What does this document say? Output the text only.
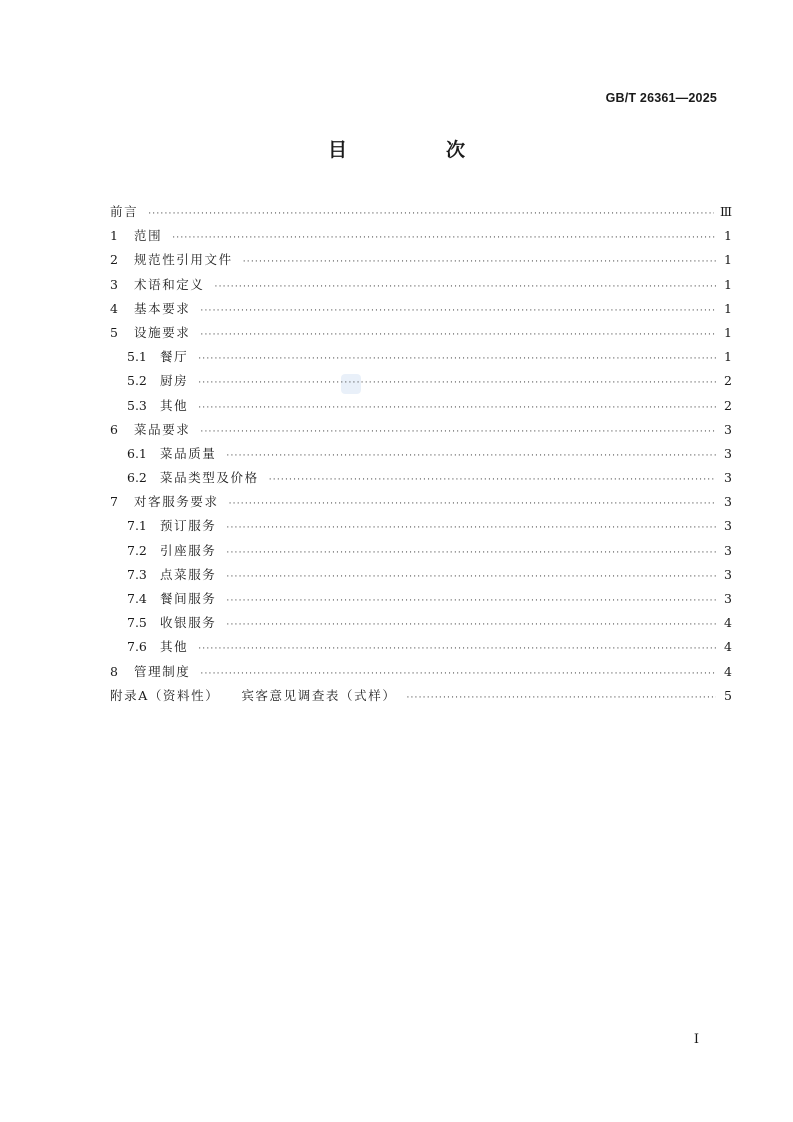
GB/T 26361—2025
目　次
前言 ·····	Ⅲ
1	范围 ·····	1
2	规范性引用文件 ·····	1
3	术语和定义 ·····	1
4	基本要求 ·····	1
5	设施要求 ·····	1
5.1	餐厅 ·····	1
5.2	厨房 ·····	2
5.3	其他 ·····	2
6	菜品要求 ·····	3
6.1	菜品质量 ·····	3
6.2	菜品类型及价格 ·····	3
7	对客服务要求 ·····	3
7.1	预订服务 ·····	3
7.2	引座服务 ·····	3
7.3	点菜服务 ·····	3
7.4	餐间服务 ·····	3
7.5	收银服务 ·····	4
7.6	其他 ·····	4
8	管理制度 ·····	4
附录A（资料性） 宾客意见调查表（式样） ·····	5
I
